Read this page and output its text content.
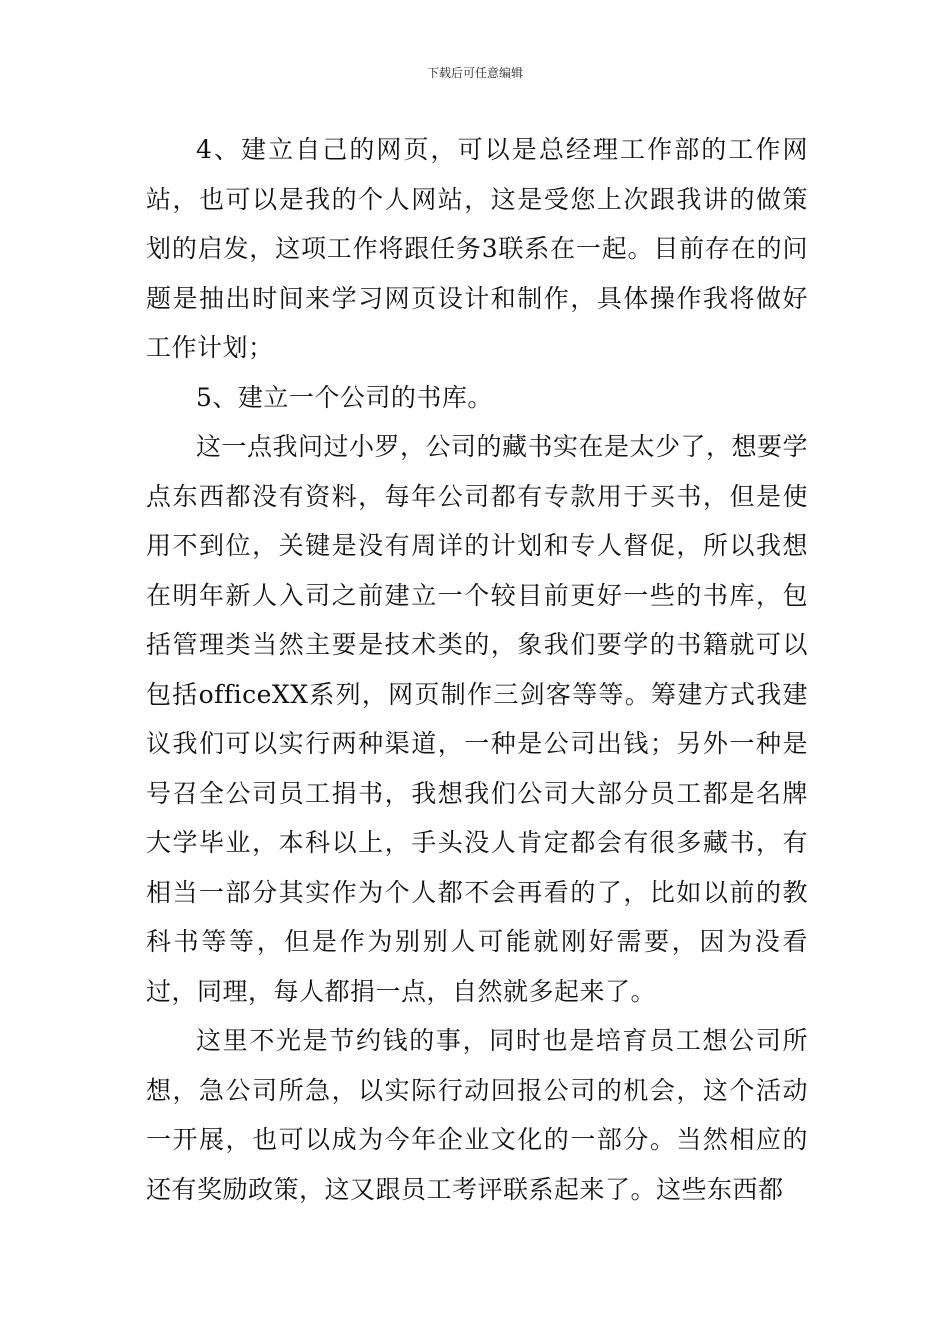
下载后可任意编辑

4、建立自己的网页，可以是总经理工作部的工作网站，也可以是我的个人网站，这是受您上次跟我讲的做策划的启发，这项工作将跟任务3联系在一起。目前存在的问题是抽出时间来学习网页设计和制作，具体操作我将做好工作计划；

5、建立一个公司的书库。

这一点我问过小罗，公司的藏书实在是太少了，想要学点东西都没有资料，每年公司都有专款用于买书，但是使用不到位，关键是没有周详的计划和专人督促，所以我想在明年新人入司之前建立一个较目前更好一些的书库，包括管理类当然主要是技术类的，象我们要学的书籍就可以包括officeXX系列，网页制作三剑客等等。筹建方式我建议我们可以实行两种渠道，一种是公司出钱；另外一种是号召全公司员工捐书，我想我们公司大部分员工都是名牌大学毕业，本科以上，手头没人肯定都会有很多藏书，有相当一部分其实作为个人都不会再看的了，比如以前的教科书等等，但是作为别别人可能就刚好需要，因为没看过，同理，每人都捐一点，自然就多起来了。

这里不光是节约钱的事，同时也是培育员工想公司所想，急公司所急，以实际行动回报公司的机会，这个活动一开展，也可以成为今年企业文化的一部分。当然相应的还有奖励政策，这又跟员工考评联系起来了。这些东西都
